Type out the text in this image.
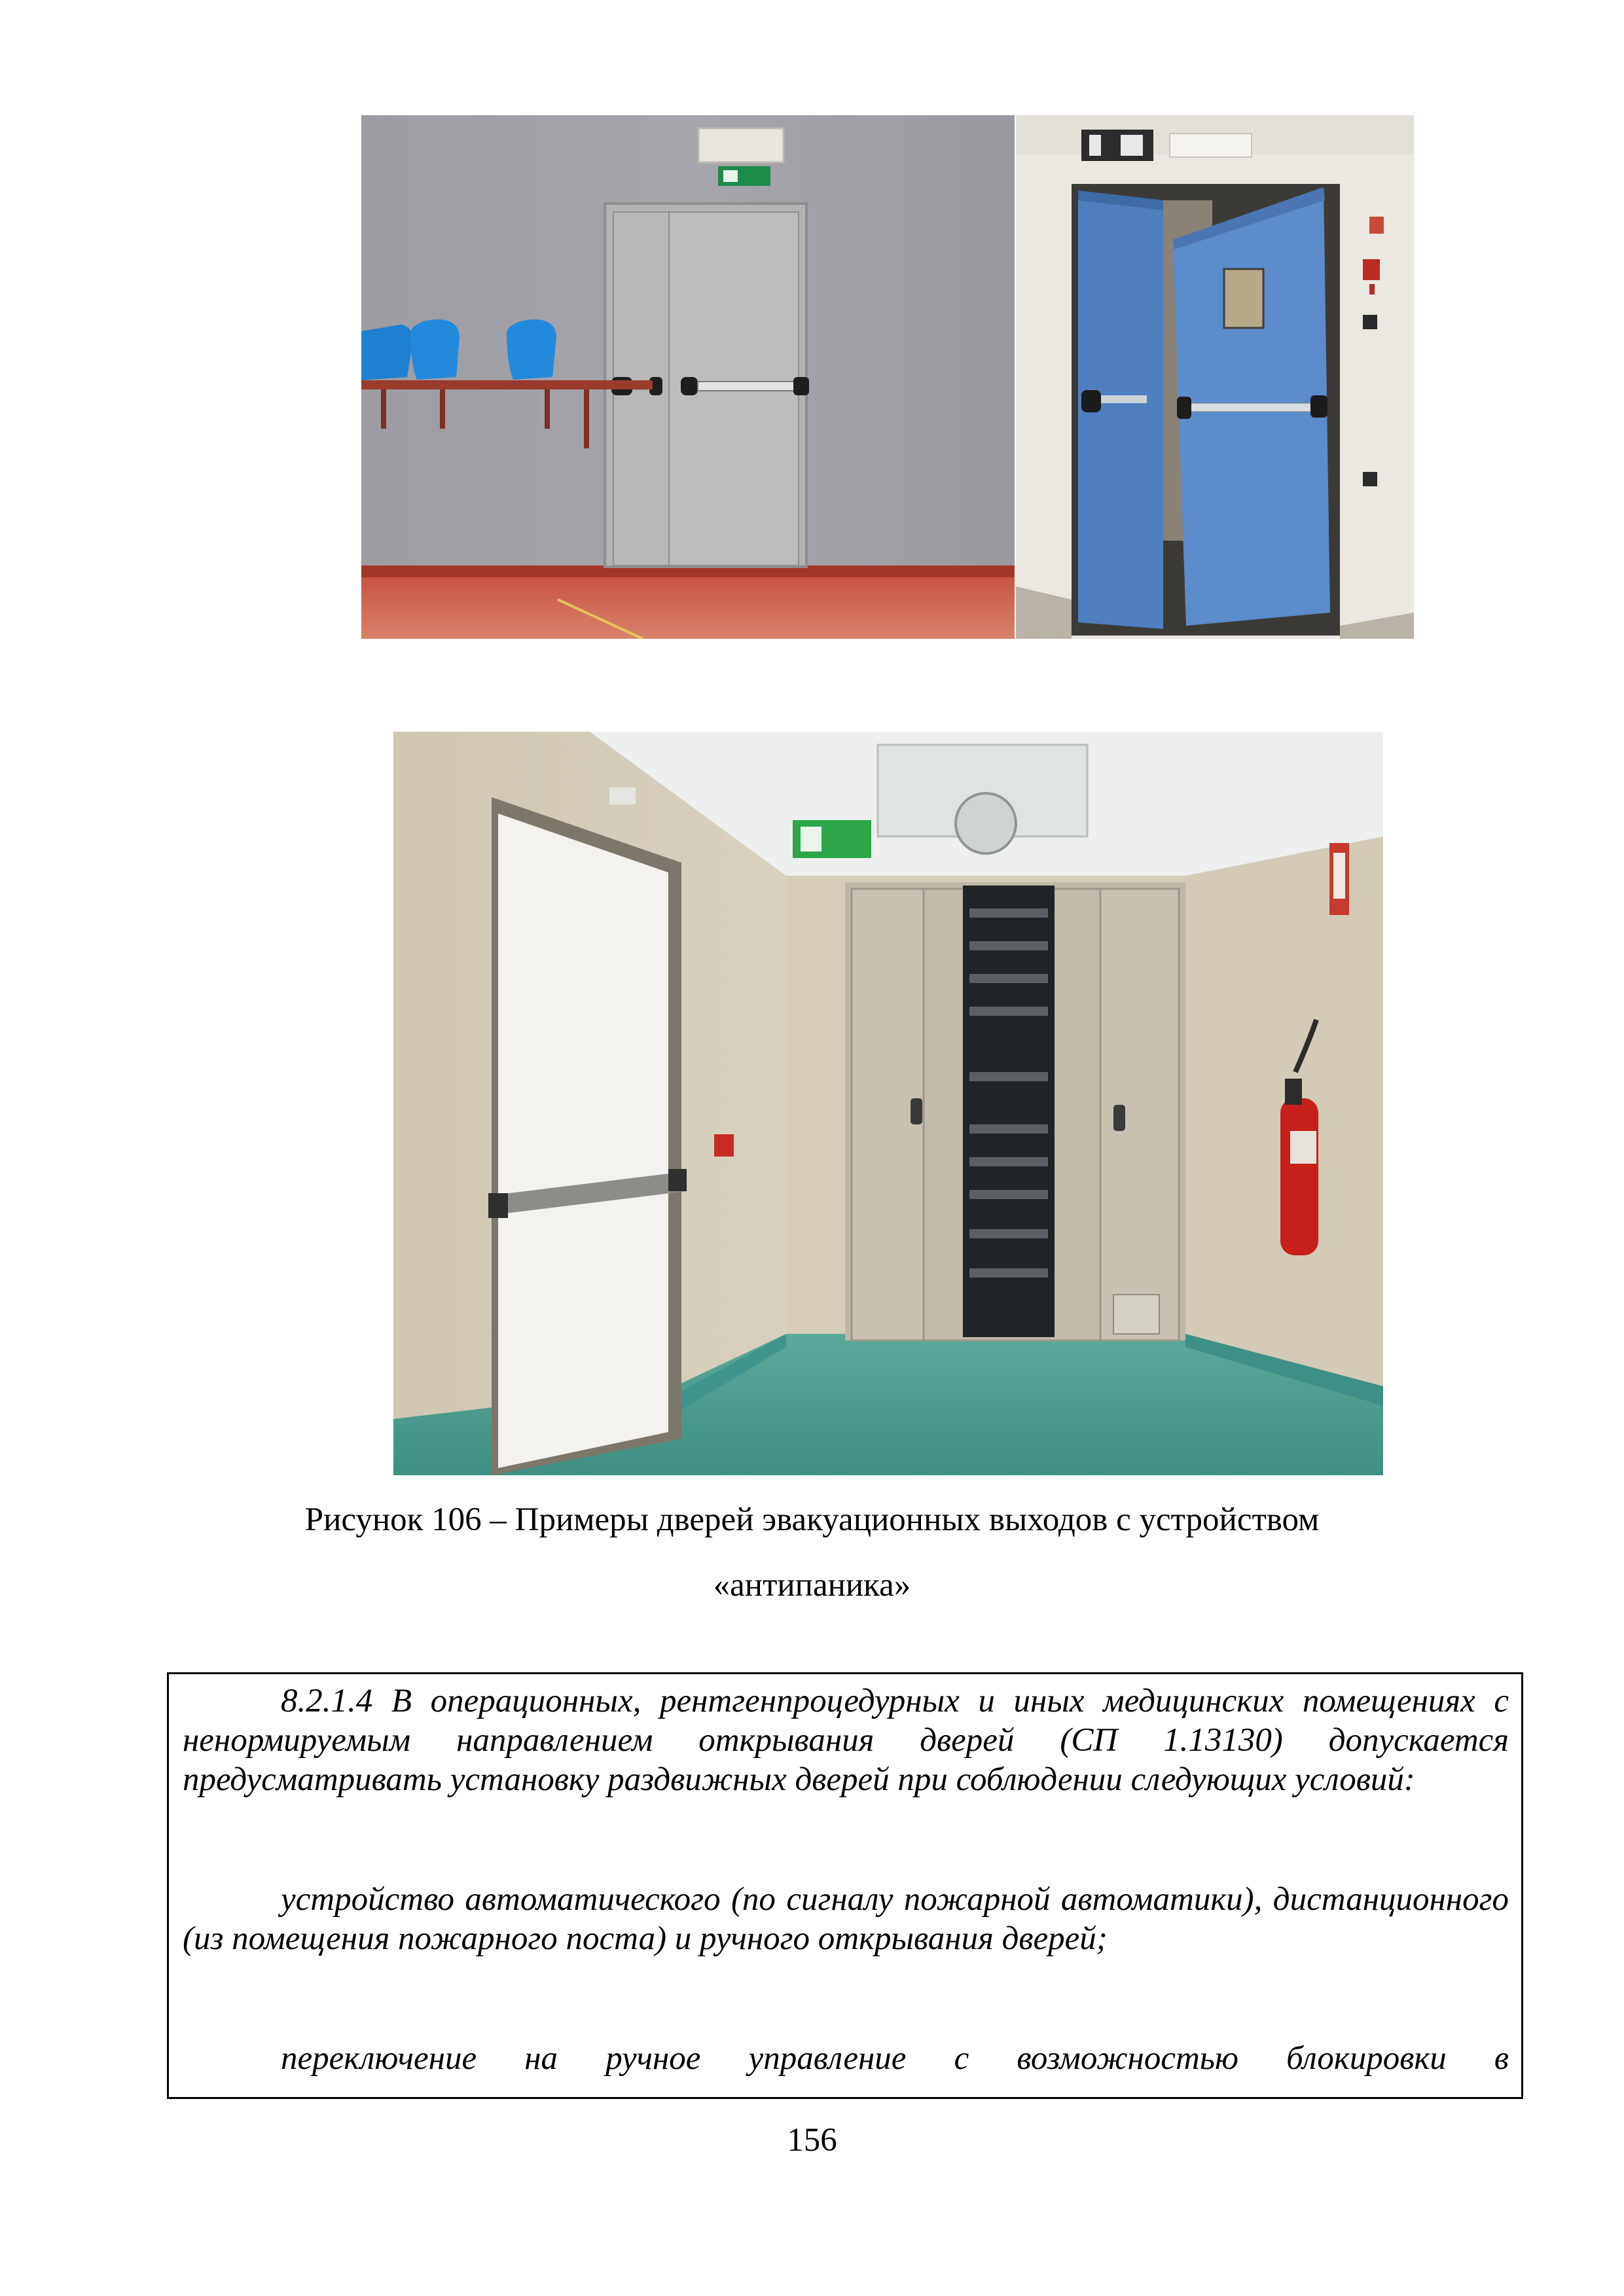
Рисунок 106 – Примеры дверей эвакуационных выходов с устройством
«антипаника»
8.2.1.4 В операционных, рентгенпроцедурных и иных медицинских помещениях с ненормируемым направлением открывания дверей (СП 1.13130) допускается предусматривать установку раздвижных дверей при соблюдении следующих условий:
устройство автоматического (по сигналу пожарной автоматики), дистанционного (из помещения пожарного поста) и ручного открывания дверей;
переключение на ручное управление с возможностью блокировки в
156
